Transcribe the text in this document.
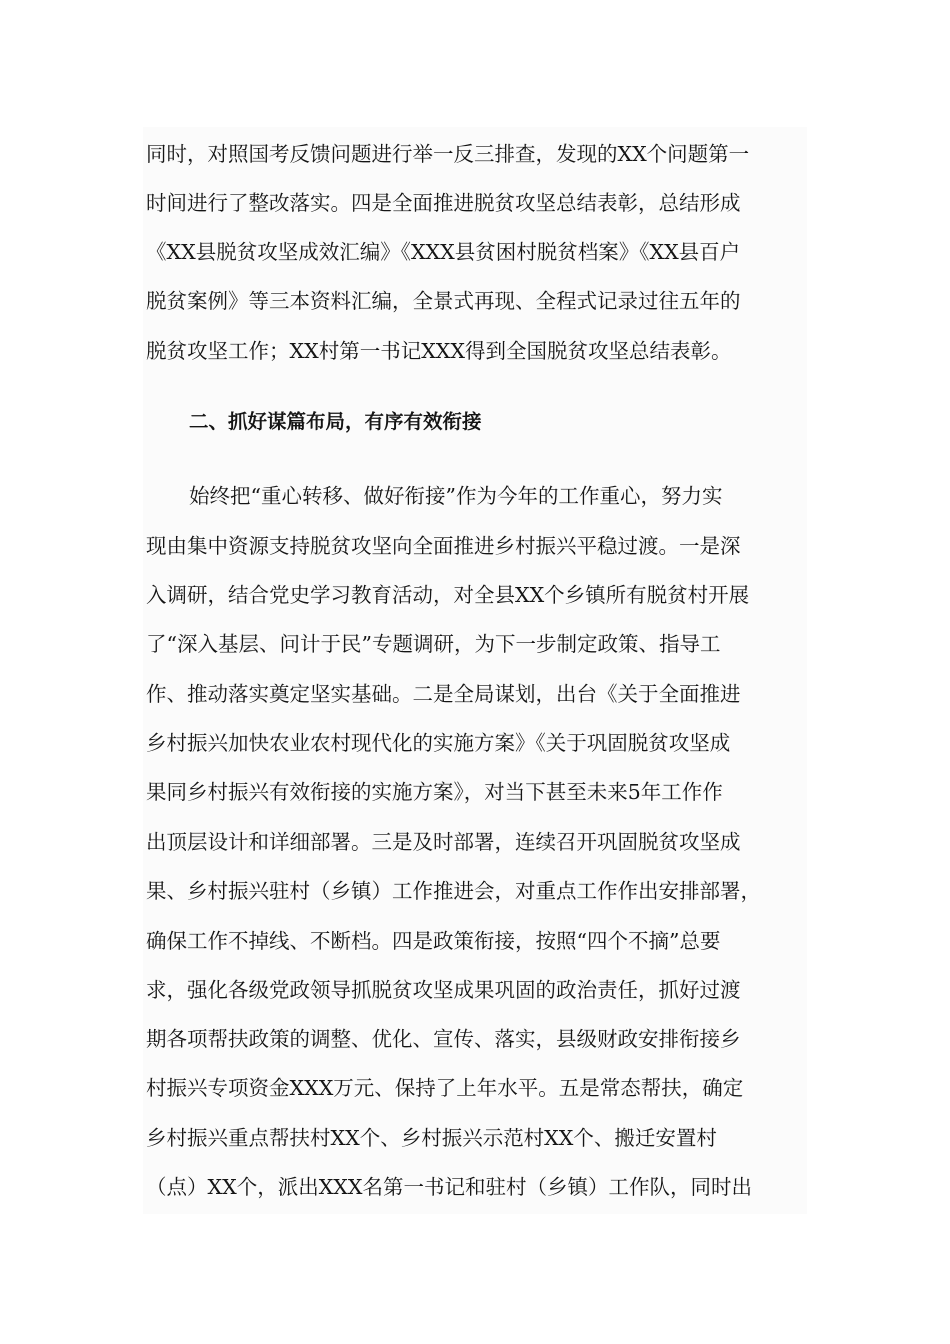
同时，对照国考反馈问题进行举一反三排查，发现的XX个问题第一
时间进行了整改落实。四是全面推进脱贫攻坚总结表彰，总结形成
《XX县脱贫攻坚成效汇编》《XXX县贫困村脱贫档案》《XX县百户
脱贫案例》等三本资料汇编，全景式再现、全程式记录过往五年的
脱贫攻坚工作；XX村第一书记XXX得到全国脱贫攻坚总结表彰。
二、抓好谋篇布局，有序有效衔接
始终把“重心转移、做好衔接”作为今年的工作重心，努力实
现由集中资源支持脱贫攻坚向全面推进乡村振兴平稳过渡。一是深
入调研，结合党史学习教育活动，对全县XX个乡镇所有脱贫村开展
了“深入基层、问计于民”专题调研，为下一步制定政策、指导工
作、推动落实奠定坚实基础。二是全局谋划，出台《关于全面推进
乡村振兴加快农业农村现代化的实施方案》《关于巩固脱贫攻坚成
果同乡村振兴有效衔接的实施方案》，对当下甚至未来5年工作作
出顶层设计和详细部署。三是及时部署，连续召开巩固脱贫攻坚成
果、乡村振兴驻村（乡镇）工作推进会，对重点工作作出安排部署，
确保工作不掉线、不断档。四是政策衔接，按照“四个不摘”总要
求，强化各级党政领导抓脱贫攻坚成果巩固的政治责任，抓好过渡
期各项帮扶政策的调整、优化、宣传、落实，县级财政安排衔接乡
村振兴专项资金XXX万元、保持了上年水平。五是常态帮扶，确定
乡村振兴重点帮扶村XX个、乡村振兴示范村XX个、搬迁安置村
（点）XX个，派出XXX名第一书记和驻村（乡镇）工作队，同时出
